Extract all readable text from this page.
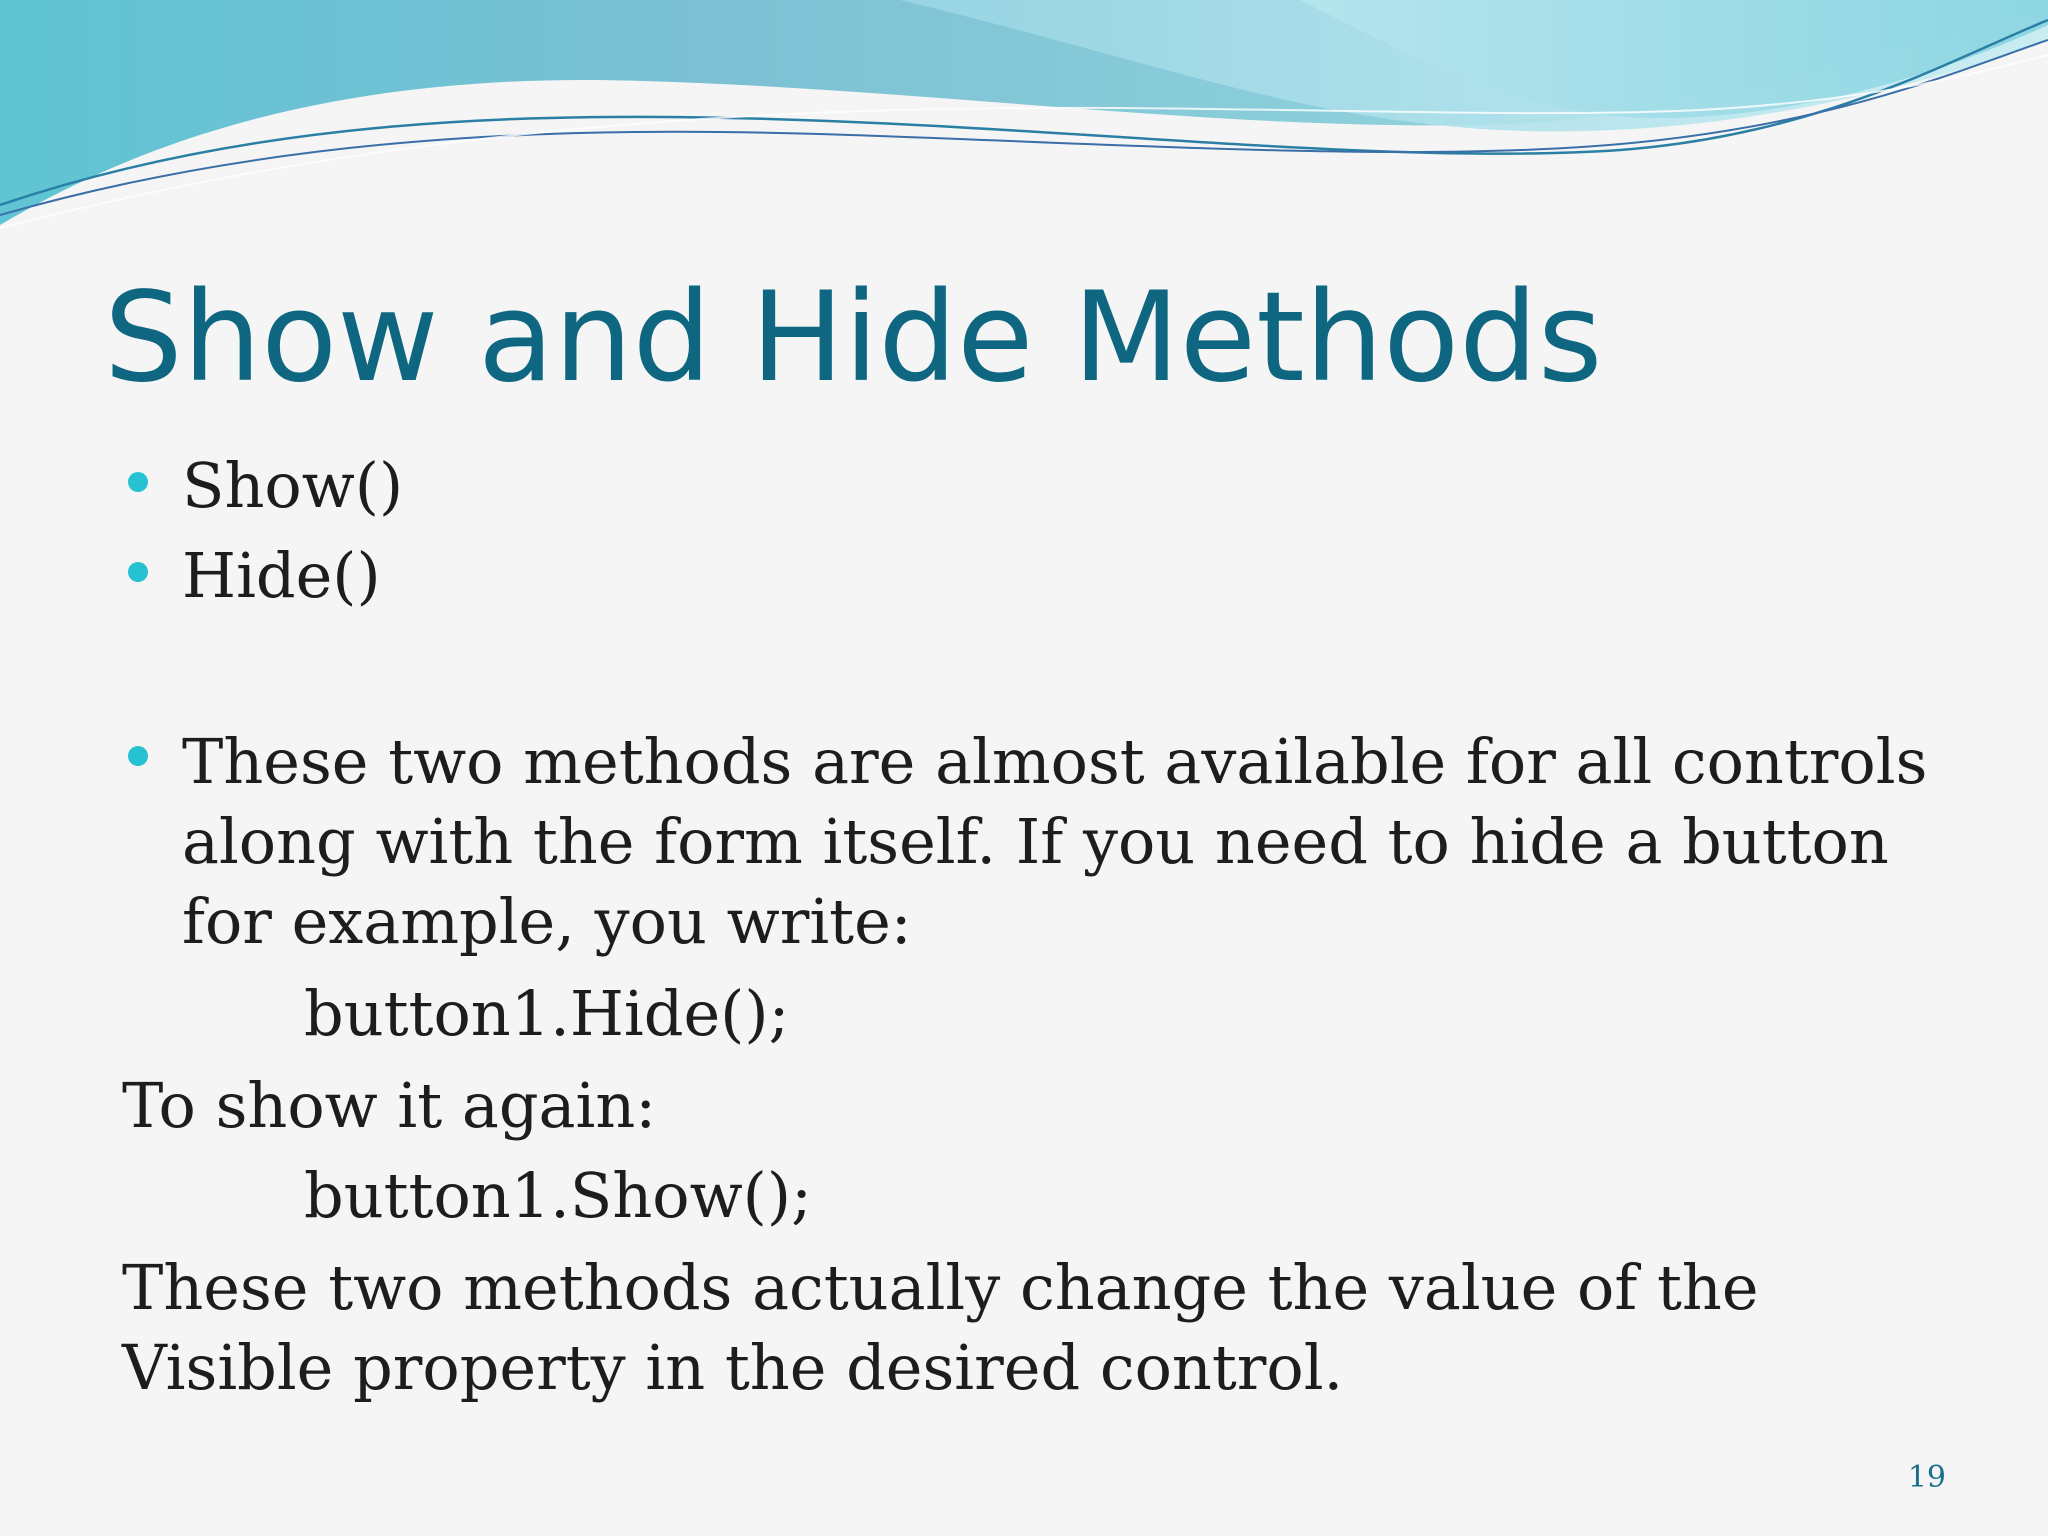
Show and Hide Methods
Show()
Hide()
These two methods are almost available for all controls
along with the form itself. If you need to hide a button
for example, you write:
button1.Hide();
To show it again:
button1.Show();
These two methods actually change the value of the
Visible property in the desired control.
19
